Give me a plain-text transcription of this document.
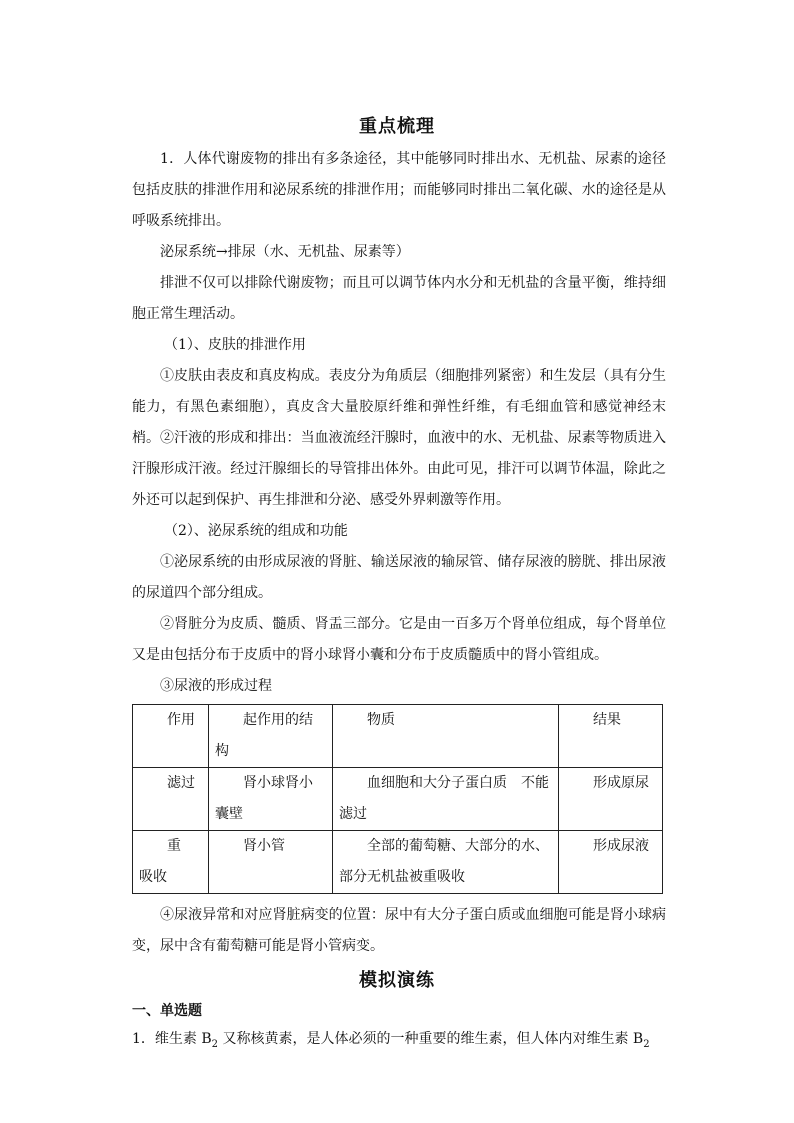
重点梳理

1．人体代谢废物的排出有多条途径，其中能够同时排出水、无机盐、尿素的途径包括皮肤的排泄作用和泌尿系统的排泄作用；而能够同时排出二氧化碳、水的途径是从呼吸系统排出。

泌尿系统→排尿（水、无机盐、尿素等）

排泄不仅可以排除代谢废物；而且可以调节体内水分和无机盐的含量平衡，维持细胞正常生理活动。

（1）、皮肤的排泄作用

①皮肤由表皮和真皮构成。表皮分为角质层（细胞排列紧密）和生发层（具有分生能力，有黑色素细胞），真皮含大量胶原纤维和弹性纤维，有毛细血管和感觉神经末梢。 ②汗液的形成和排出：当血液流经汗腺时，血液中的水、无机盐、尿素等物质进入汗腺形成汗液。经过汗腺细长的导管排出体外。由此可见，排汗可以调节体温，除此之外还可以起到保护、再生排泄和分泌、感受外界刺激等作用。

（2）、泌尿系统的组成和功能

①泌尿系统的由形成尿液的肾脏、输送尿液的输尿管、储存尿液的膀胱、排出尿液的尿道四个部分组成。

②肾脏分为皮质、髓质、肾盂三部分。它是由一百多万个肾单位组成，每个肾单位又是由包括分布于皮质中的肾小球肾小囊和分布于皮质髓质中的肾小管组成。

③尿液的形成过程

作用	起作用的结构	物质	结果

滤过	肾小球肾小囊壁	血细胞和大分子蛋白质　不能滤过	形成原尿

重　吸收	肾小管	全部的葡萄糖、大部分的水、部分无机盐被重吸收	形成尿液

④尿液异常和对应肾脏病变的位置：尿中有大分子蛋白质或血细胞可能是肾小球病变，尿中含有葡萄糖可能是肾小管病变。

模拟演练
一、单选题

1．维生素 $B_2$ 又称核黄素，是人体必须的一种重要的维生素，但人体内对维生素 $B_2$
